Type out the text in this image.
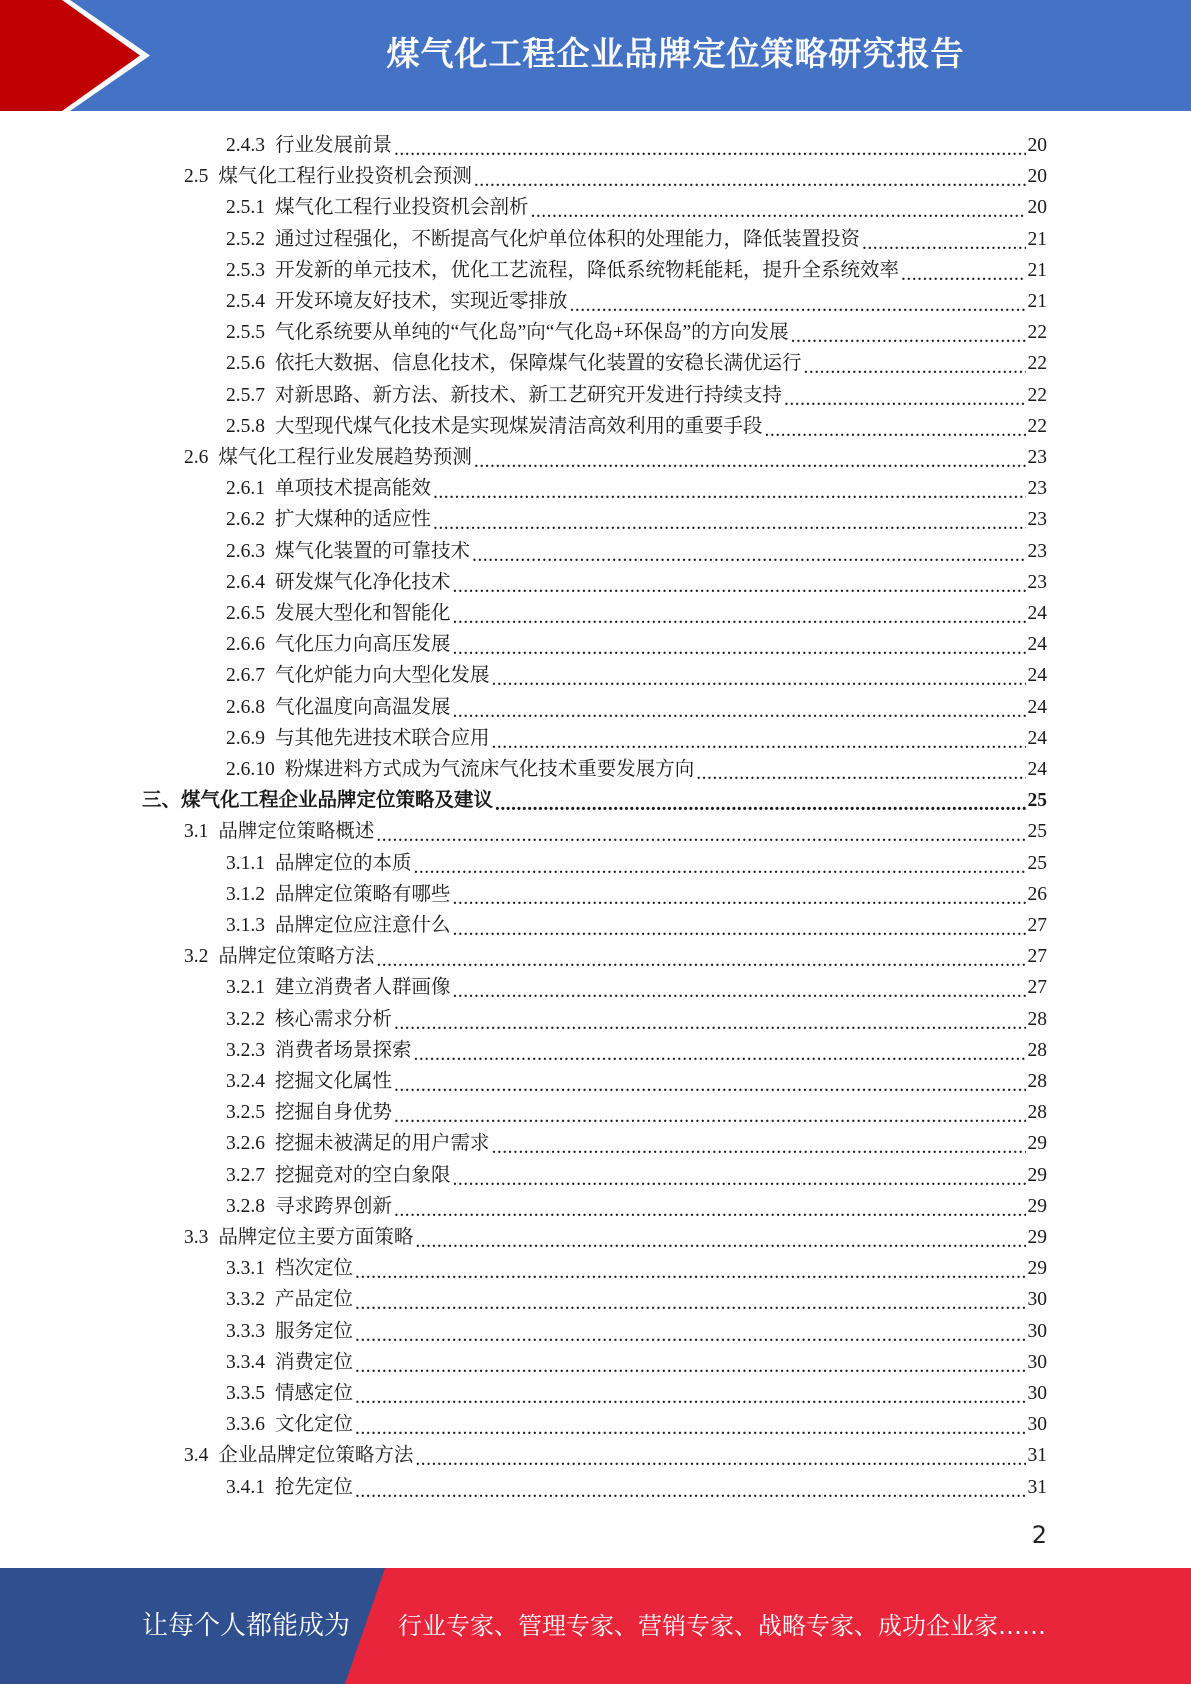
煤气化工程企业品牌定位策略研究报告
2.4.3 行业发展前景 .....	20
2.5 煤气化工程行业投资机会预测 .....	20
2.5.1 煤气化工程行业投资机会剖析 .....	20
2.5.2 通过过程强化，不断提高气化炉单位体积的处理能力，降低装置投资 .....	21
2.5.3 开发新的单元技术，优化工艺流程，降低系统物耗能耗，提升全系统效率 .....	21
2.5.4 开发环境友好技术，实现近零排放 .....	21
2.5.5 气化系统要从单纯的“气化岛”向“气化岛+环保岛”的方向发展 .....	22
2.5.6 依托大数据、信息化技术，保障煤气化装置的安稳长满优运行 .....	22
2.5.7 对新思路、新方法、新技术、新工艺研究开发进行持续支持 .....	22
2.5.8 大型现代煤气化技术是实现煤炭清洁高效利用的重要手段 .....	22
2.6 煤气化工程行业发展趋势预测 .....	23
2.6.1 单项技术提高能效 .....	23
2.6.2 扩大煤种的适应性 .....	23
2.6.3 煤气化装置的可靠技术 .....	23
2.6.4 研发煤气化净化技术 .....	23
2.6.5 发展大型化和智能化 .....	24
2.6.6 气化压力向高压发展 .....	24
2.6.7 气化炉能力向大型化发展 .....	24
2.6.8 气化温度向高温发展 .....	24
2.6.9 与其他先进技术联合应用 .....	24
2.6.10 粉煤进料方式成为气流床气化技术重要发展方向 .....	24
三、 煤气化工程企业品牌定位策略及建议 .....	25
3.1 品牌定位策略概述 .....	25
3.1.1 品牌定位的本质 .....	25
3.1.2 品牌定位策略有哪些 .....	26
3.1.3 品牌定位应注意什么 .....	27
3.2 品牌定位策略方法 .....	27
3.2.1 建立消费者人群画像 .....	27
3.2.2 核心需求分析 .....	28
3.2.3 消费者场景探索 .....	28
3.2.4 挖掘文化属性 .....	28
3.2.5 挖掘自身优势 .....	28
3.2.6 挖掘未被满足的用户需求 .....	29
3.2.7 挖掘竞对的空白象限 .....	29
3.2.8 寻求跨界创新 .....	29
3.3 品牌定位主要方面策略 .....	29
3.3.1 档次定位 .....	29
3.3.2 产品定位 .....	30
3.3.3 服务定位 .....	30
3.3.4 消费定位 .....	30
3.3.5 情感定位 .....	30
3.3.6 文化定位 .....	30
3.4 企业品牌定位策略方法 .....	31
3.4.1 抢先定位 .....	31
2
让每个人都能成为 行业专家、管理专家、营销专家、战略专家、成功企业家……
